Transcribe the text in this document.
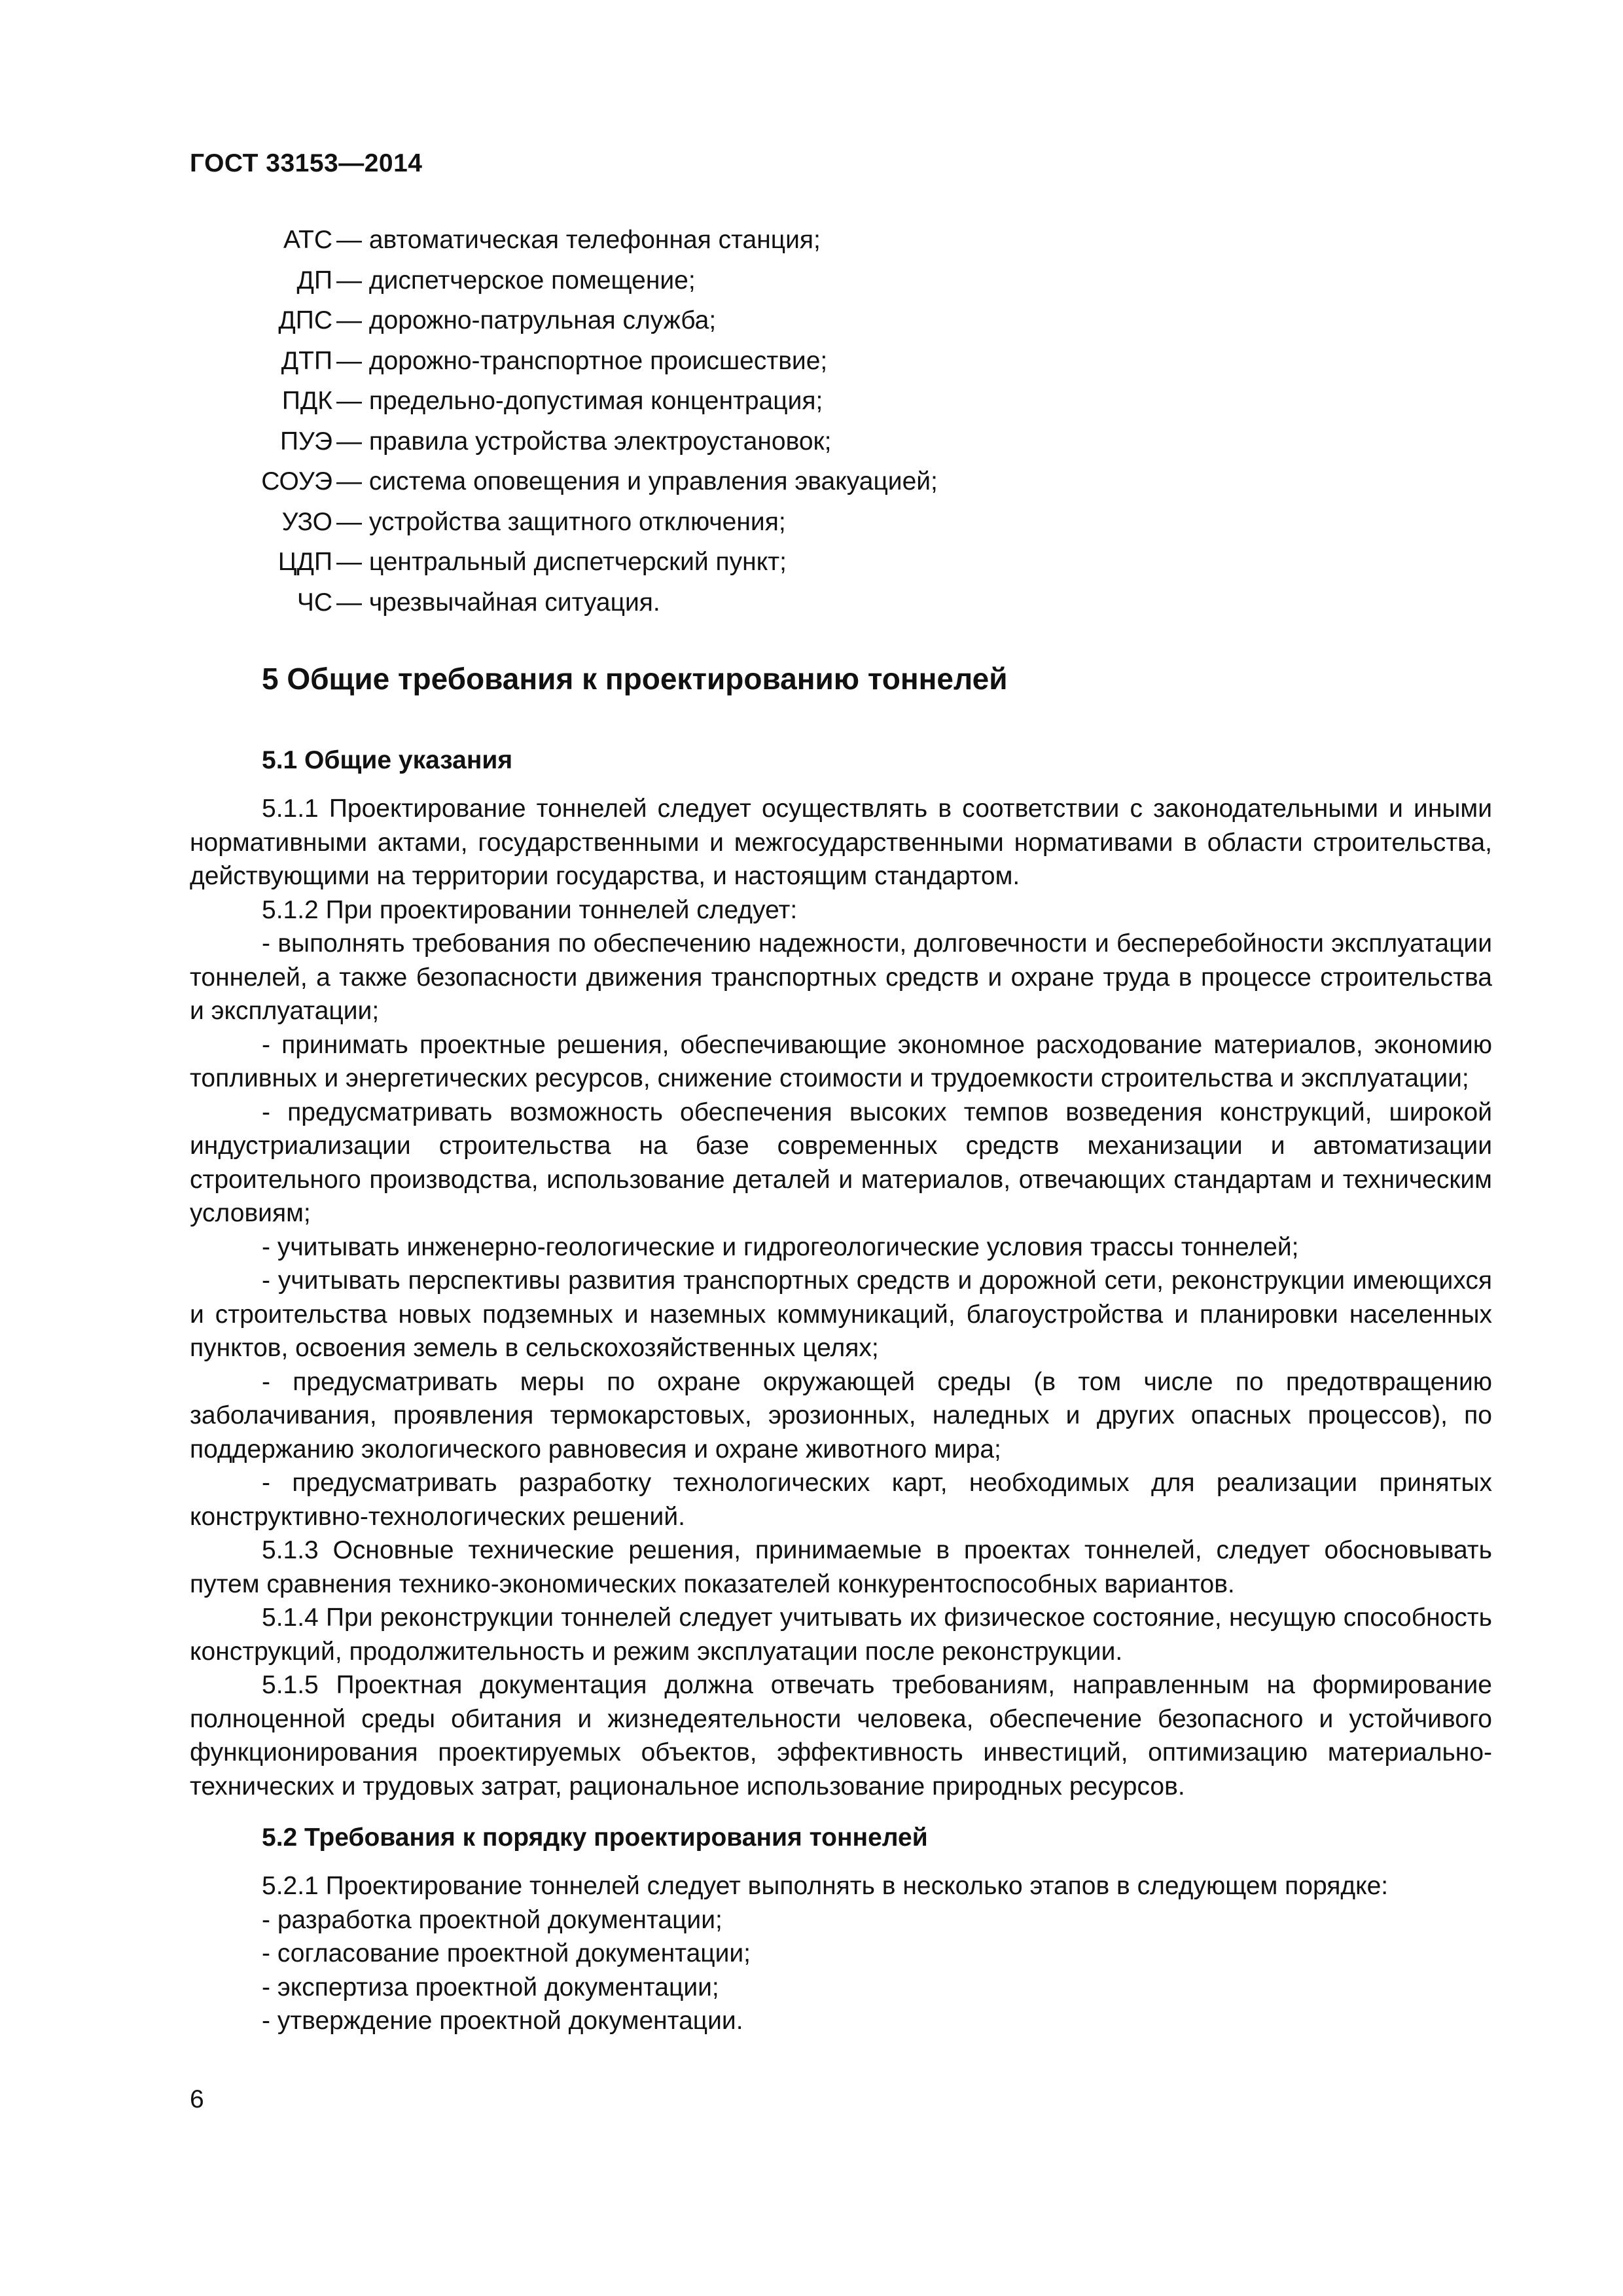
ГОСТ 33153—2014
АТС — автоматическая телефонная станция;
ДП — диспетчерское помещение;
ДПС — дорожно-патрульная служба;
ДТП — дорожно-транспортное происшествие;
ПДК — предельно-допустимая концентрация;
ПУЭ — правила устройства электроустановок;
СОУЭ — система оповещения и управления эвакуацией;
УЗО — устройства защитного отключения;
ЦДП — центральный диспетчерский пункт;
ЧС — чрезвычайная ситуация.
5 Общие требования к проектированию тоннелей
5.1 Общие указания

5.1.1 Проектирование тоннелей следует осуществлять в соответствии с законодательными и иными нормативными актами, государственными и межгосударственными нормативами в области строительства, действующими на территории государства, и настоящим стандартом.

5.1.2 При проектировании тоннелей следует:

- выполнять требования по обеспечению надежности, долговечности и бесперебойности эксплуатации тоннелей, а также безопасности движения транспортных средств и охране труда в процессе строительства и эксплуатации;

- принимать проектные решения, обеспечивающие экономное расходование материалов, экономию топливных и энергетических ресурсов, снижение стоимости и трудоемкости строительства и эксплуатации;

- предусматривать возможность обеспечения высоких темпов возведения конструкций, широкой индустриализации строительства на базе современных средств механизации и автоматизации строительного производства, использование деталей и материалов, отвечающих стандартам и техническим условиям;

- учитывать инженерно-геологические и гидрогеологические условия трассы тоннелей;

- учитывать перспективы развития транспортных средств и дорожной сети, реконструкции имеющихся и строительства новых подземных и наземных коммуникаций, благоустройства и планировки населенных пунктов, освоения земель в сельскохозяйственных целях;

- предусматривать меры по охране окружающей среды (в том числе по предотвращению заболачивания, проявления термокарстовых, эрозионных, наледных и других опасных процессов), по поддержанию экологического равновесия и охране животного мира;

- предусматривать разработку технологических карт, необходимых для реализации принятых конструктивно-технологических решений.

5.1.3 Основные технические решения, принимаемые в проектах тоннелей, следует обосновывать путем сравнения технико-экономических показателей конкурентоспособных вариантов.

5.1.4 При реконструкции тоннелей следует учитывать их физическое состояние, несущую способность конструкций, продолжительность и режим эксплуатации после реконструкции.

5.1.5 Проектная документация должна отвечать требованиям, направленным на формирование полноценной среды обитания и жизнедеятельности человека, обеспечение безопасного и устойчивого функционирования проектируемых объектов, эффективность инвестиций, оптимизацию материально-технических и трудовых затрат, рациональное использование природных ресурсов.

5.2 Требования к порядку проектирования тоннелей

5.2.1 Проектирование тоннелей следует выполнять в несколько этапов в следующем порядке:

- разработка проектной документации;

- согласование проектной документации;

- экспертиза проектной документации;

- утверждение проектной документации.

6
